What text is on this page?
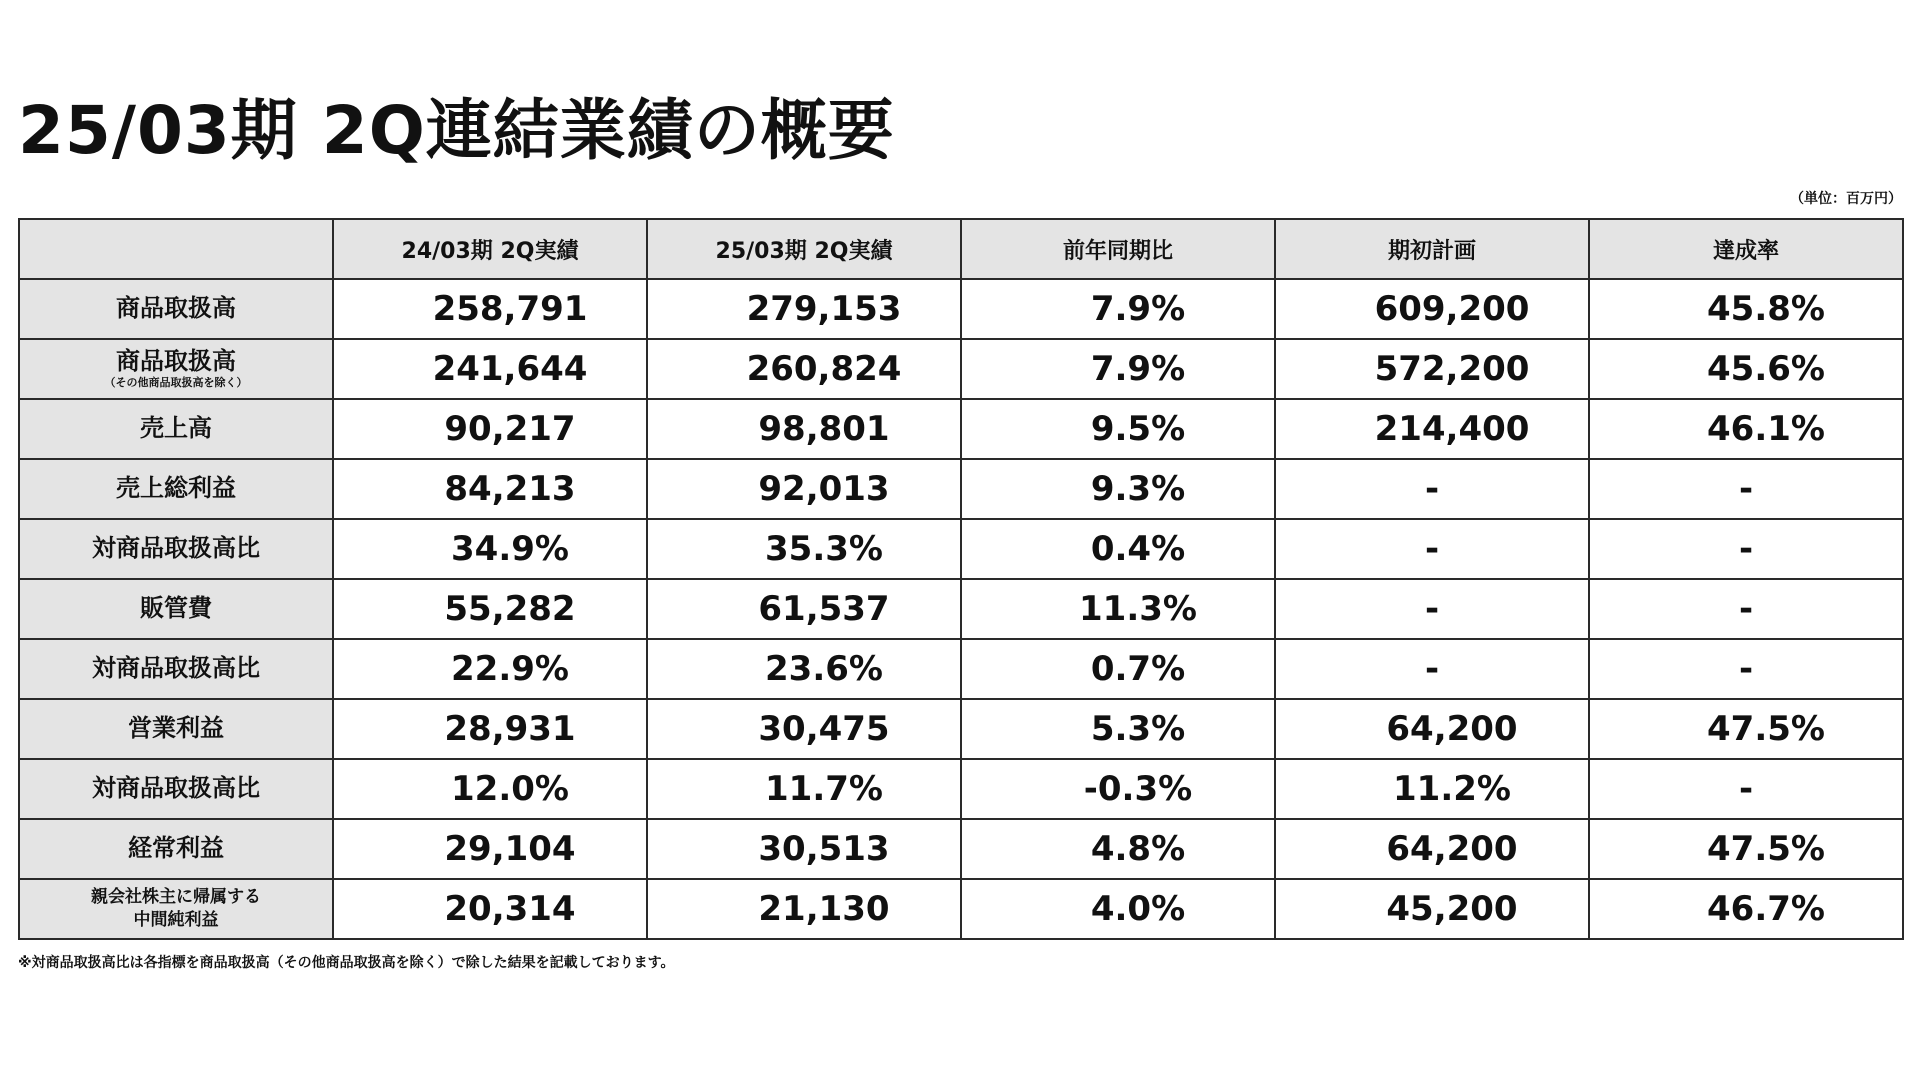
25/03期 2Q連結業績の概要
（単位：百万円）
	24/03期 2Q実績	25/03期 2Q実績	前年同期比	期初計画	達成率
商品取扱高	258,791	279,153	7.9%	609,200	45.8%
商品取扱高
（その他商品取扱高を除く）	241,644	260,824	7.9%	572,200	45.6%
売上高	90,217	98,801	9.5%	214,400	46.1%
売上総利益	84,213	92,013	9.3%	-	-
対商品取扱高比	34.9%	35.3%	0.4%	-	-
販管費	55,282	61,537	11.3%	-	-
対商品取扱高比	22.9%	23.6%	0.7%	-	-
営業利益	28,931	30,475	5.3%	64,200	47.5%
対商品取扱高比	12.0%	11.7%	-0.3%	11.2%	-
経常利益	29,104	30,513	4.8%	64,200	47.5%
親会社株主に帰属する
中間純利益	20,314	21,130	4.0%	45,200	46.7%
※対商品取扱高比は各指標を商品取扱高（その他商品取扱高を除く）で除した結果を記載しております。
